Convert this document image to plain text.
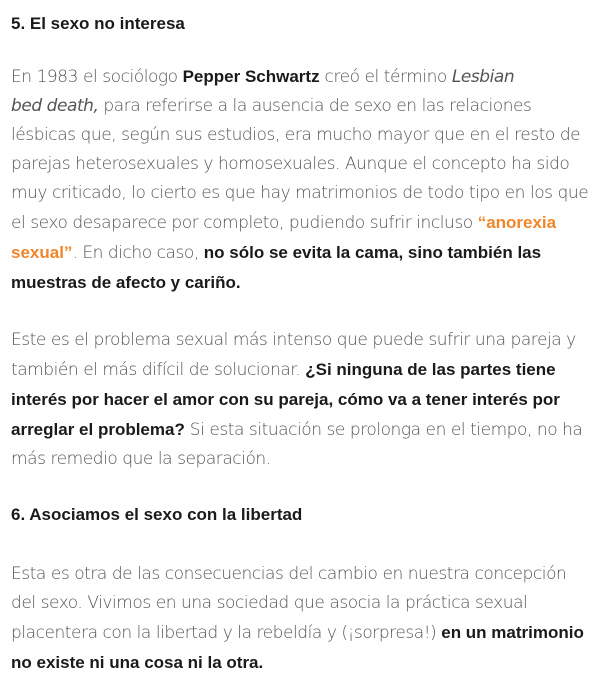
5. El sexo no interesa

En 1983 el sociólogo Pepper Schwartz creó el término Lesbian
bed death, para referirse a la ausencia de sexo en las relaciones
lésbicas que, según sus estudios, era mucho mayor que en el resto de
parejas heterosexuales y homosexuales. Aunque el concepto ha sido
muy criticado, lo cierto es que hay matrimonios de todo tipo en los que
el sexo desaparece por completo, pudiendo sufrir incluso “anorexia
sexual”. En dicho caso, no sólo se evita la cama, sino también las
muestras de afecto y cariño.

Este es el problema sexual más intenso que puede sufrir una pareja y
también el más difícil de solucionar. ¿Si ninguna de las partes tiene
interés por hacer el amor con su pareja, cómo va a tener interés por
arreglar el problema? Si esta situación se prolonga en el tiempo, no ha
más remedio que la separación.

6. Asociamos el sexo con la libertad

Esta es otra de las consecuencias del cambio en nuestra concepción
del sexo. Vivimos en una sociedad que asocia la práctica sexual
placentera con la libertad y la rebeldía y (¡sorpresa!) en un matrimonio
no existe ni una cosa ni la otra.
